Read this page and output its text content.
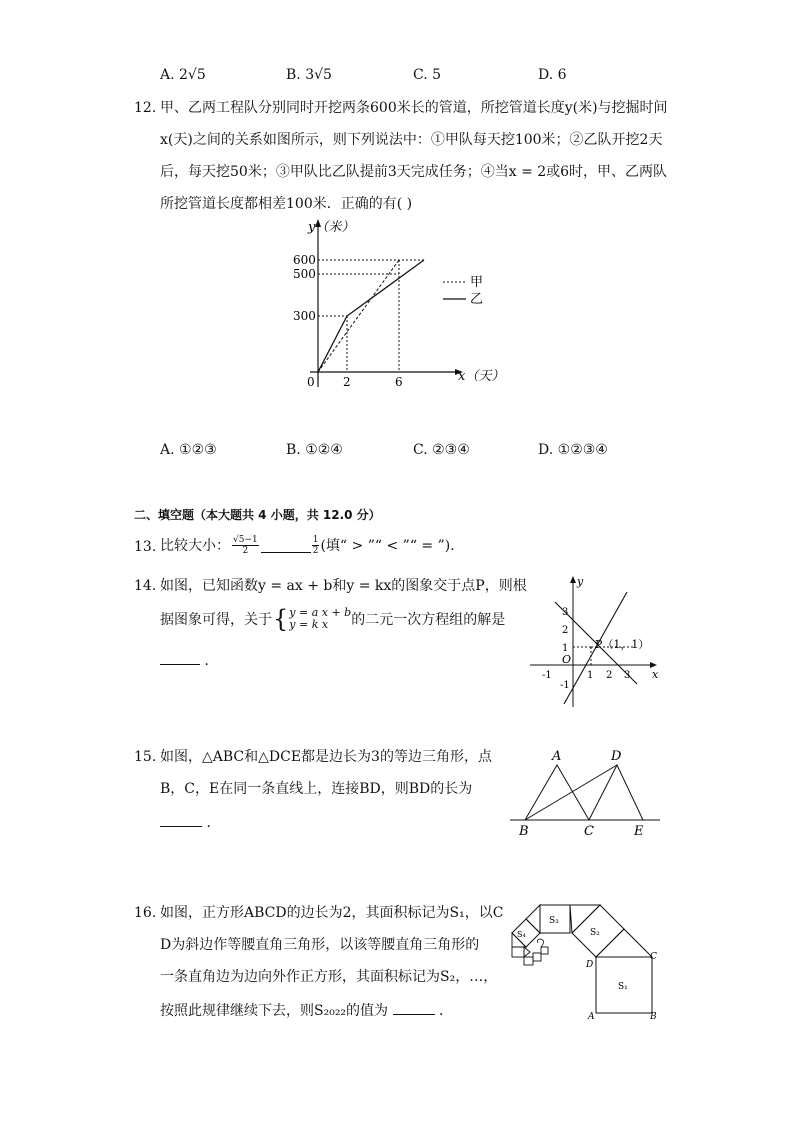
A. 2√5	B. 3√5	C. 5	D. 6
12. 甲、乙两工程队分别同时开挖两条600米长的管道，所挖管道长度y(米)与挖掘时间
x(天)之间的关系如图所示，则下列说法中：①甲队每天挖100米；②乙队开挖2天
后，每天挖50米；③甲队比乙队提前3天完成任务；④当x = 2或6时，甲、乙两队
所挖管道长度都相差100米．正确的有( )
y（米）
600
500
300
0 2	6	x（天）
甲
乙
A. ①②③	B. ①②④	C. ②③④	D. ①②③④
二、填空题（本大题共 4 小题，共 12.0 分）
13. 比较大小： $\frac{√5-1}{2}$	$\frac{1}{2}$ (填“ > ”“ < ”“ = ”)．
14. 如图，已知函数y = ax + b和y = kx的图象交于点P，则根
据图象可得，关于 { y = a x + b
y = k x	的二元一次方程组的解是
．
y
x
O
P（1，1）
3
2
1
-1
-1	1 2 3
15. 如图，△ABC和△DCE都是边长为3的等边三角形，点
B，C，E在同一条直线上，连接BD，则BD的长为
．
A	D
B	C	E
16. 如图，正方形ABCD的边长为2，其面积标记为S₁，以C
D为斜边作等腰直角三角形，以该等腰直角三角形的
一条直角边为边向外作正方形，其面积标记为S₂，…，
按照此规律继续下去，则S₂₀₂₂的值为	．
S₁
S₂
S₃
S₄
A	B
C
D
